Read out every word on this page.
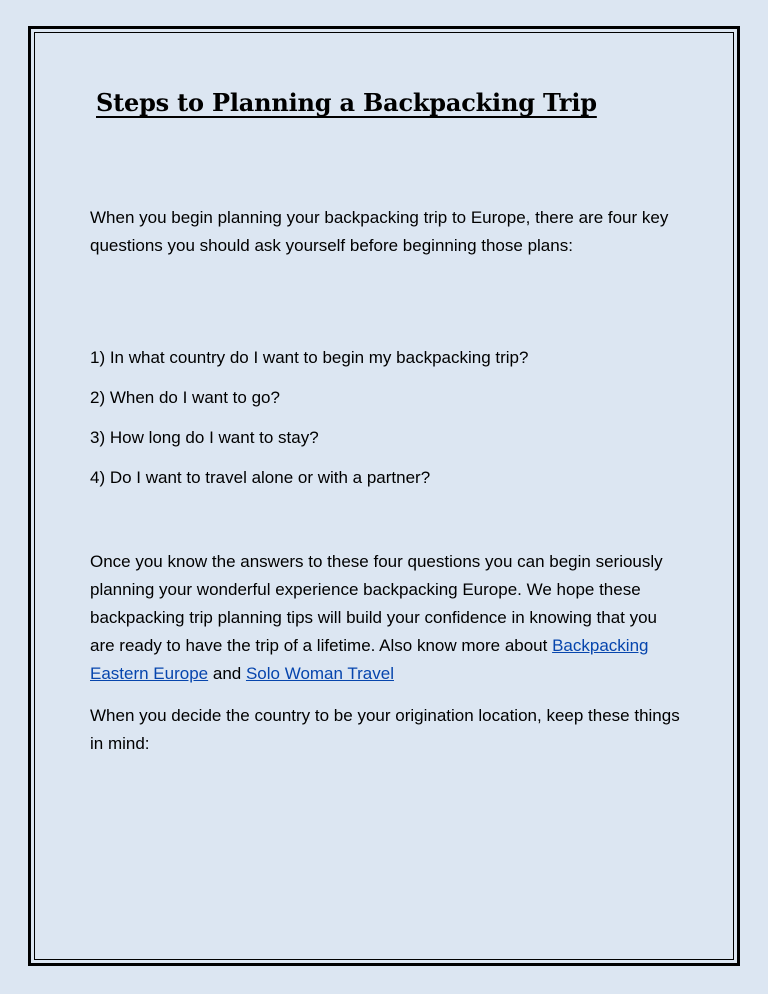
Steps to Planning a Backpacking Trip
When you begin planning your backpacking trip to Europe, there are four key questions you should ask yourself before beginning those plans:
1) In what country do I want to begin my backpacking trip?
2) When do I want to go?
3) How long do I want to stay?
4) Do I want to travel alone or with a partner?
Once you know the answers to these four questions you can begin seriously planning your wonderful experience backpacking Europe. We hope these backpacking trip planning tips will build your confidence in knowing that you are ready to have the trip of a lifetime. Also know more about Backpacking Eastern Europe and Solo Woman Travel
When you decide the country to be your origination location, keep these things in mind:
